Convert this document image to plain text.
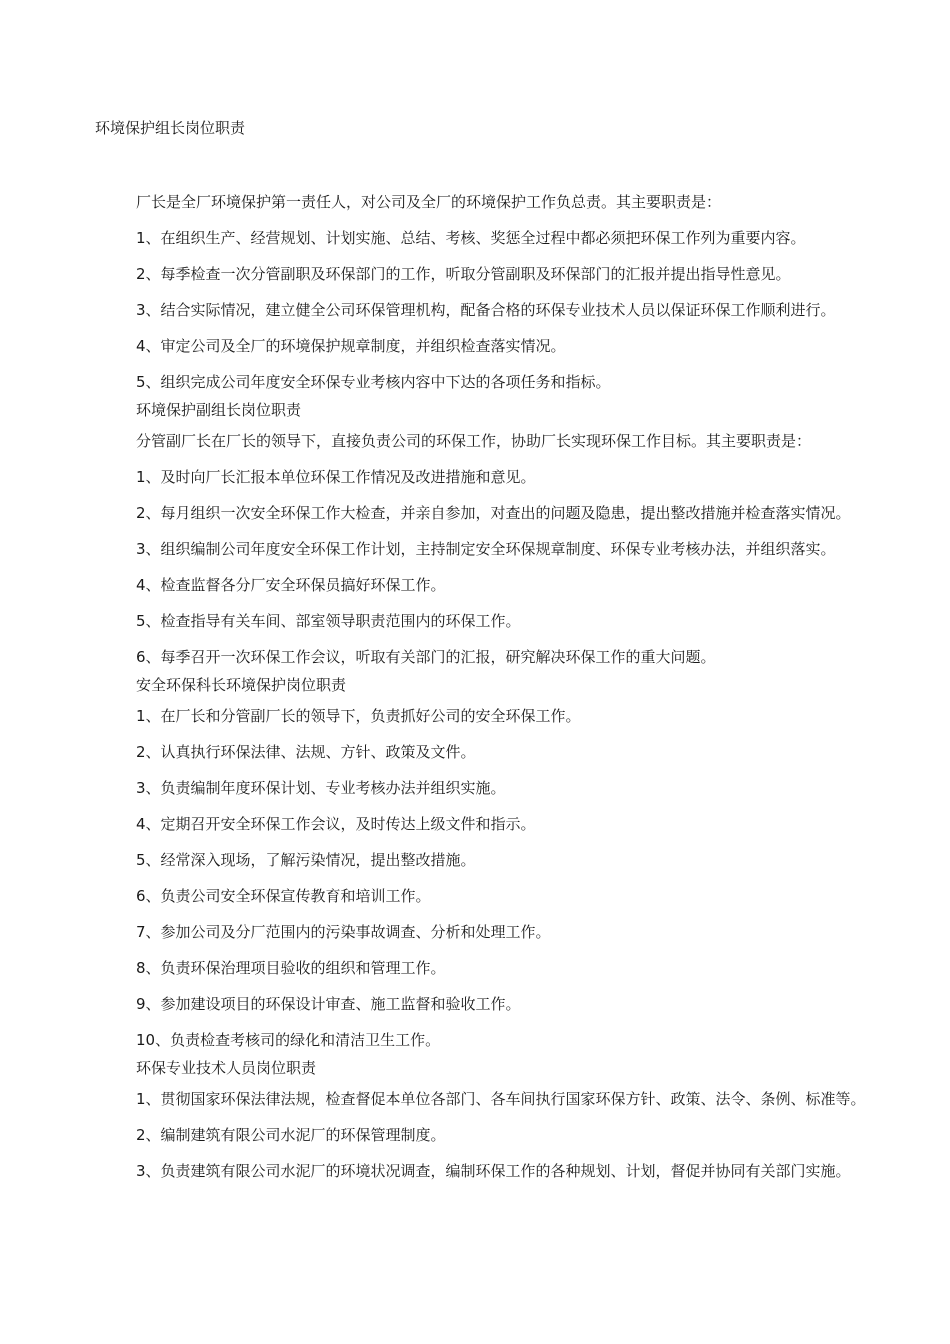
环境保护组长岗位职责

厂长是全厂环境保护第一责任人，对公司及全厂的环境保护工作负总责。其主要职责是：

1、在组织生产、经营规划、计划实施、总结、考核、奖惩全过程中都必须把环保工作列为重要内容。

2、每季检查一次分管副职及环保部门的工作，听取分管副职及环保部门的汇报并提出指导性意见。

3、结合实际情况，建立健全公司环保管理机构，配备合格的环保专业技术人员以保证环保工作顺利进行。

4、审定公司及全厂的环境保护规章制度，并组织检查落实情况。

5、组织完成公司年度安全环保专业考核内容中下达的各项任务和指标。

环境保护副组长岗位职责

分管副厂长在厂长的领导下，直接负责公司的环保工作，协助厂长实现环保工作目标。其主要职责是：

1、及时向厂长汇报本单位环保工作情况及改进措施和意见。

2、每月组织一次安全环保工作大检查，并亲自参加，对查出的问题及隐患，提出整改措施并检查落实情况。

3、组织编制公司年度安全环保工作计划，主持制定安全环保规章制度、环保专业考核办法，并组织落实。

4、检查监督各分厂安全环保员搞好环保工作。

5、检查指导有关车间、部室领导职责范围内的环保工作。

6、每季召开一次环保工作会议，听取有关部门的汇报，研究解决环保工作的重大问题。

安全环保科长环境保护岗位职责

1、在厂长和分管副厂长的领导下，负责抓好公司的安全环保工作。

2、认真执行环保法律、法规、方针、政策及文件。

3、负责编制年度环保计划、专业考核办法并组织实施。

4、定期召开安全环保工作会议，及时传达上级文件和指示。

5、经常深入现场，了解污染情况，提出整改措施。

6、负责公司安全环保宣传教育和培训工作。

7、参加公司及分厂范围内的污染事故调查、分析和处理工作。

8、负责环保治理项目验收的组织和管理工作。

9、参加建设项目的环保设计审查、施工监督和验收工作。

10、负责检查考核司的绿化和清洁卫生工作。

环保专业技术人员岗位职责

1、贯彻国家环保法律法规，检查督促本单位各部门、各车间执行国家环保方针、政策、法令、条例、标准等。

2、编制建筑有限公司水泥厂的环保管理制度。

3、负责建筑有限公司水泥厂的环境状况调查，编制环保工作的各种规划、计划，督促并协同有关部门实施。
